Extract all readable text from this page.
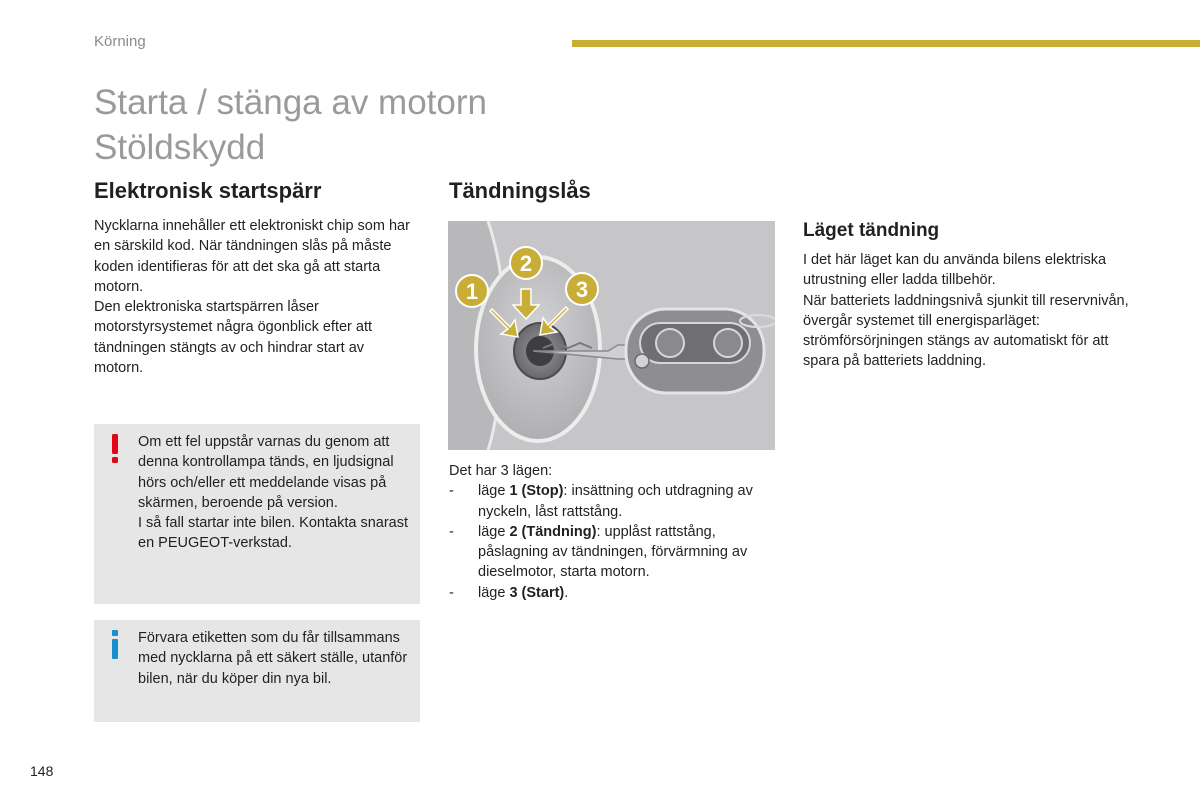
Körning
Starta / stänga av motorn
Stöldskydd
Elektronisk startspärr

Nycklarna innehåller ett elektroniskt chip som har en särskild kod. När tändningen slås på måste koden identifieras för att det ska gå att starta motorn.

Den elektroniska startspärren låser motorstyrsystemet några ögonblick efter att tändningen stängts av och hindrar start av motorn.

Om ett fel uppstår varnas du genom att denna kontrollampa tänds, en ljudsignal hörs och/eller ett meddelande visas på skärmen, beroende på version.
I så fall startar inte bilen. Kontakta snarast en PEUGEOT-verkstad.
Förvara etiketten som du får tillsammans med nycklarna på ett säkert ställe, utanför bilen, när du köper din nya bil.
Tändningslås
1
2
3
Det har 3 lägen:
- läge 1 (Stop): insättning och utdragning av nyckeln, låst rattstång.
- läge 2 (Tändning): upplåst rattstång, påslagning av tändningen, förvärmning av dieselmotor, starta motorn.
- läge 3 (Start).
Läget tändning

I det här läget kan du använda bilens elektriska utrustning eller ladda tillbehör.

När batteriets laddningsnivå sjunkit till reservnivån, övergår systemet till energisparläget: strömförsörjningen stängs av automatiskt för att spara på batteriets laddning.

148
